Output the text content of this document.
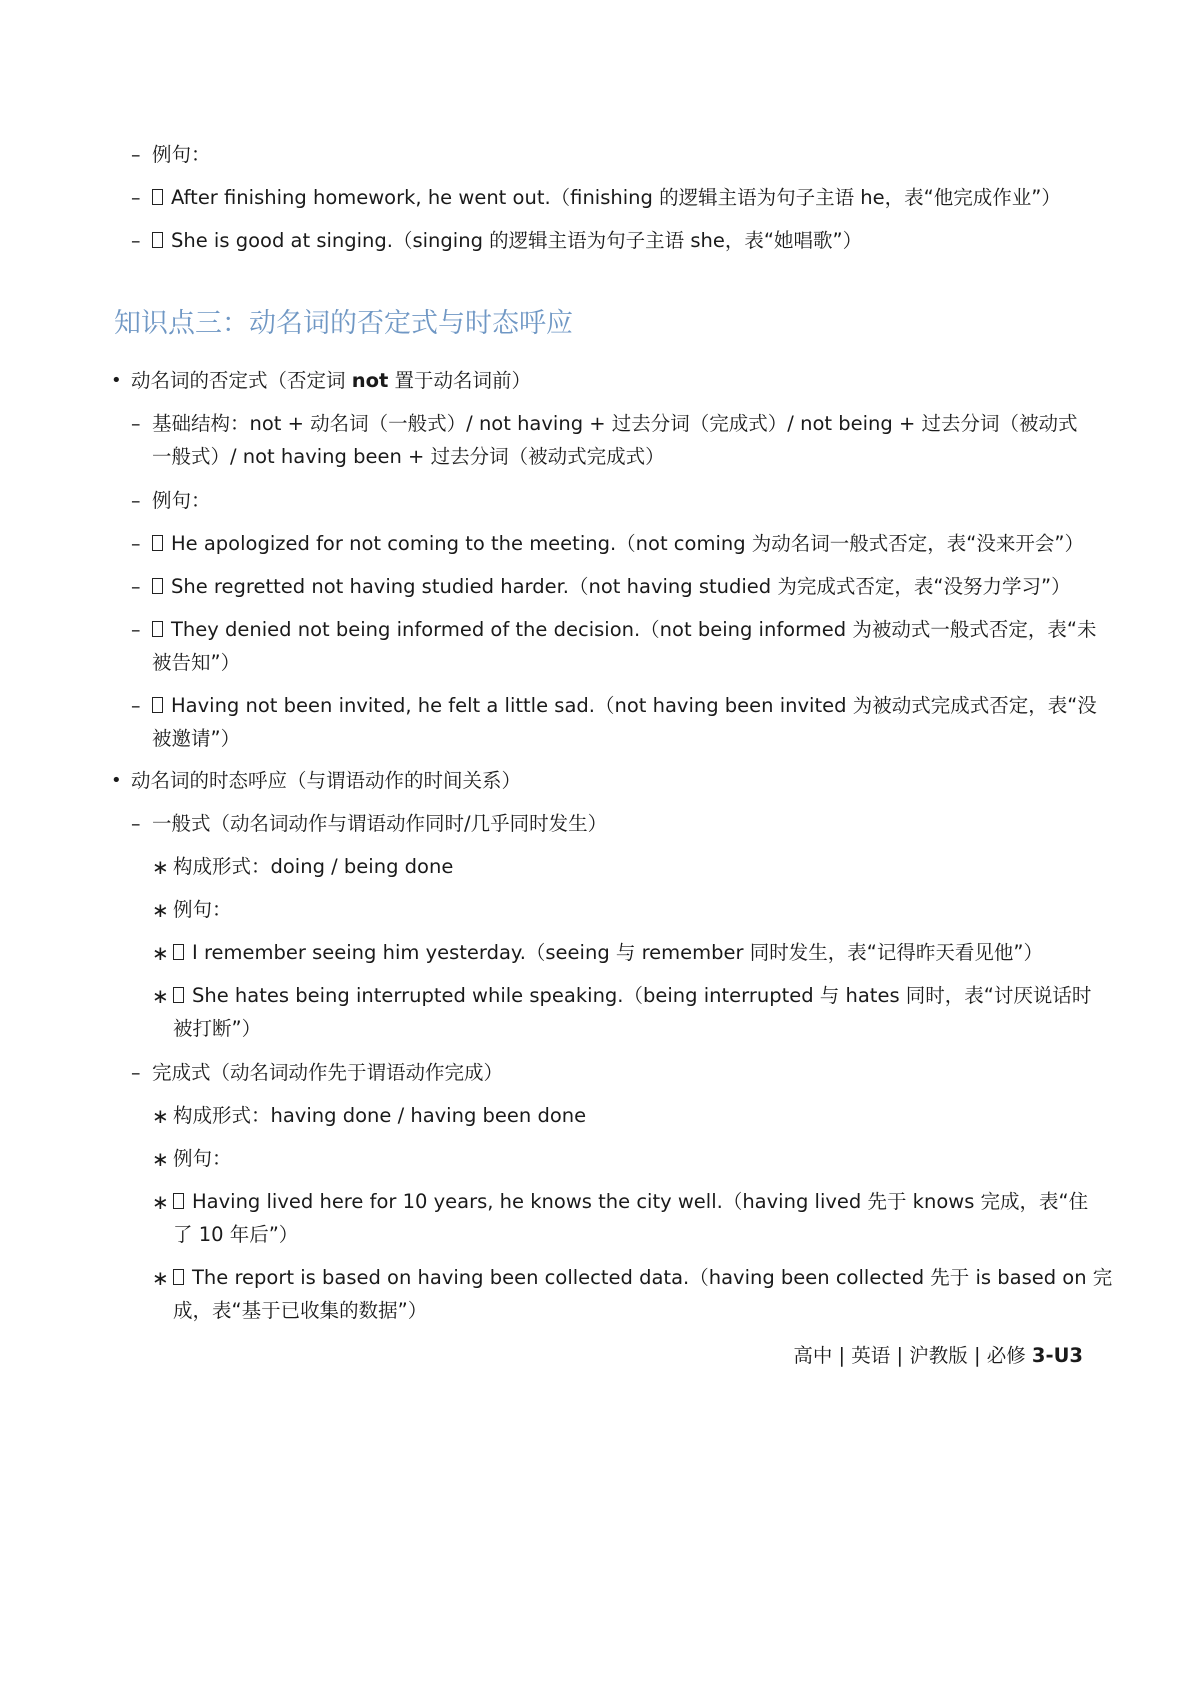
– 例句：
–	After finishing homework, he went out.（finishing 的逻辑主语为句子主语 he，表“他完成作业”）
–	She is good at singing.（singing 的逻辑主语为句子主语 she，表“她唱歌”）
知识点三：动名词的否定式与时态呼应
• 动名词的否定式（否定词 not 置于动名词前）
– 基础结构：not + 动名词（一般式）/ not having + 过去分词（完成式）/ not being + 过去分词（被动式
一般式）/ not having been + 过去分词（被动式完成式）
– 例句：
–	He apologized for not coming to the meeting.（not coming 为动名词一般式否定，表“没来开会”）
–	She regretted not having studied harder.（not having studied 为完成式否定，表“没努力学习”）
–	They denied not being informed of the decision.（not being informed 为被动式一般式否定，表“未
被告知”）
–	Having not been invited, he felt a little sad.（not having been invited 为被动式完成式否定，表“没
被邀请”）
• 动名词的时态呼应（与谓语动作的时间关系）
– 一般式（动名词动作与谓语动作同时/几乎同时发生）
∗ 构成形式：doing / being done
∗ 例句：
∗	I remember seeing him yesterday.（seeing 与 remember 同时发生，表“记得昨天看见他”）
∗	She hates being interrupted while speaking.（being interrupted 与 hates 同时，表“讨厌说话时
被打断”）
– 完成式（动名词动作先于谓语动作完成）
∗ 构成形式：having done / having been done
∗ 例句：
∗	Having lived here for 10 years, he knows the city well.（having lived 先于 knows 完成，表“住
了 10 年后”）
∗	The report is based on having been collected data.（having been collected 先于 is based on 完
成，表“基于已收集的数据”）
高中 | 英语 | 沪教版 | 必修 3-U3
